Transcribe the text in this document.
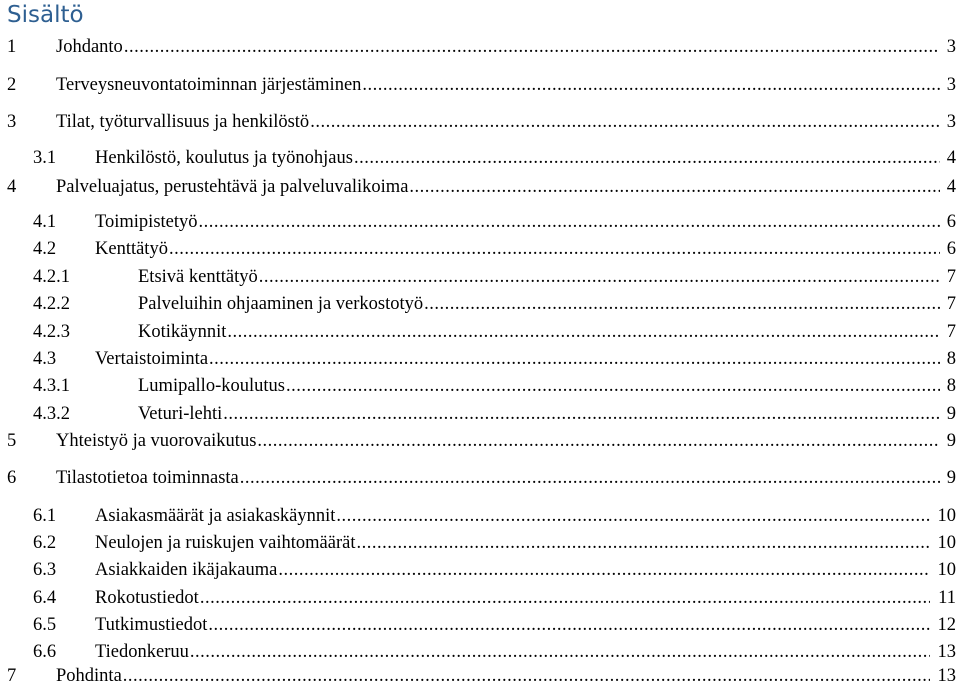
Sisältö
1 Johdanto .....	3
2 Terveysneuvontatoiminnan järjestäminen .....	3
3 Tilat, työturvallisuus ja henkilöstö .....	3
3.1 Henkilöstö, koulutus ja työnohjaus .....	4
4 Palveluajatus, perustehtävä ja palveluvalikoima .....	4
4.1 Toimipistetyö .....	6
4.2 Kenttätyö .....	6
4.2.1	Etsivä kenttätyö .....	7
4.2.2	Palveluihin ohjaaminen ja verkostotyö .....	7
4.2.3	Kotikäynnit .....	7
4.3 Vertaistoiminta .....	8
4.3.1	Lumipallo-koulutus .....	8
4.3.2	Veturi-lehti .....	9
5 Yhteistyö ja vuorovaikutus .....	9
6 Tilastotietoa toiminnasta .....	9
6.1 Asiakasmäärät ja asiakaskäynnit .....	10
6.2 Neulojen ja ruiskujen vaihtomäärät .....	10
6.3 Asiakkaiden ikäjakauma .....	10
6.4 Rokotustiedot .....	11
6.5 Tutkimustiedot .....	12
6.6 Tiedonkeruu .....	13
7 Pohdinta .....	13
